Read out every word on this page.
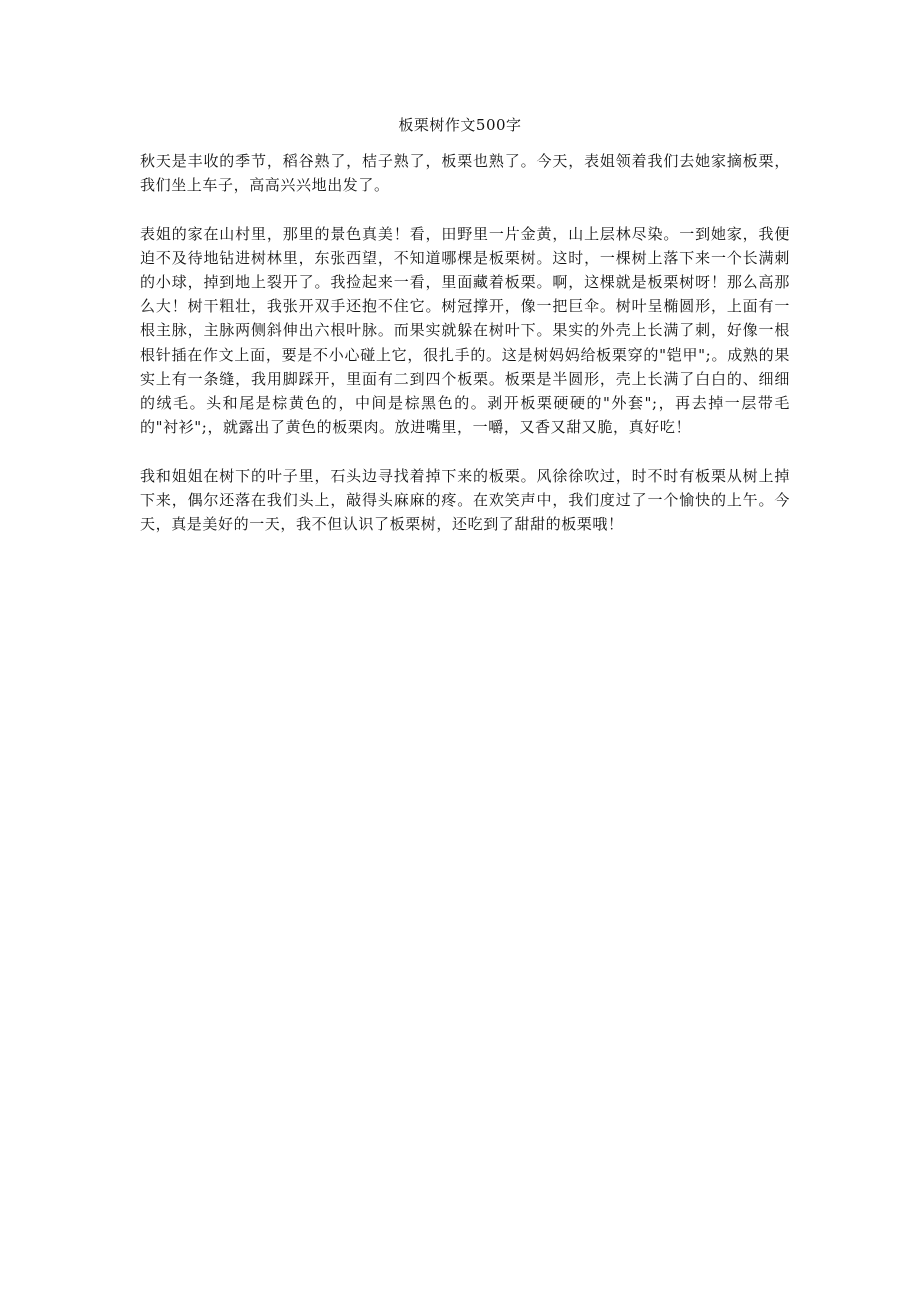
板栗树作文500字

秋天是丰收的季节，稻谷熟了，桔子熟了，板栗也熟了。今天，表姐领着我们去她家摘板栗，我们坐上车子，高高兴兴地出发了。

表姐的家在山村里，那里的景色真美！看，田野里一片金黄，山上层林尽染。一到她家，我便迫不及待地钻进树林里，东张西望，不知道哪棵是板栗树。这时，一棵树上落下来一个长满刺的小球，掉到地上裂开了。我捡起来一看，里面藏着板栗。啊，这棵就是板栗树呀！那么高那么大！树干粗壮，我张开双手还抱不住它。树冠撑开，像一把巨伞。树叶呈椭圆形，上面有一根主脉，主脉两侧斜伸出六根叶脉。而果实就躲在树叶下。果实的外壳上长满了刺，好像一根根针插在作文上面，要是不小心碰上它，很扎手的。这是树妈妈给板栗穿的"铠甲";。成熟的果实上有一条缝，我用脚踩开，里面有二到四个板栗。板栗是半圆形，壳上长满了白白的、细细的绒毛。头和尾是棕黄色的，中间是棕黑色的。剥开板栗硬硬的"外套";，再去掉一层带毛的"衬衫";，就露出了黄色的板栗肉。放进嘴里，一嚼，又香又甜又脆，真好吃！

我和姐姐在树下的叶子里，石头边寻找着掉下来的板栗。风徐徐吹过，时不时有板栗从树上掉下来，偶尔还落在我们头上，敲得头麻麻的疼。在欢笑声中，我们度过了一个愉快的上午。今天，真是美好的一天，我不但认识了板栗树，还吃到了甜甜的板栗哦！
